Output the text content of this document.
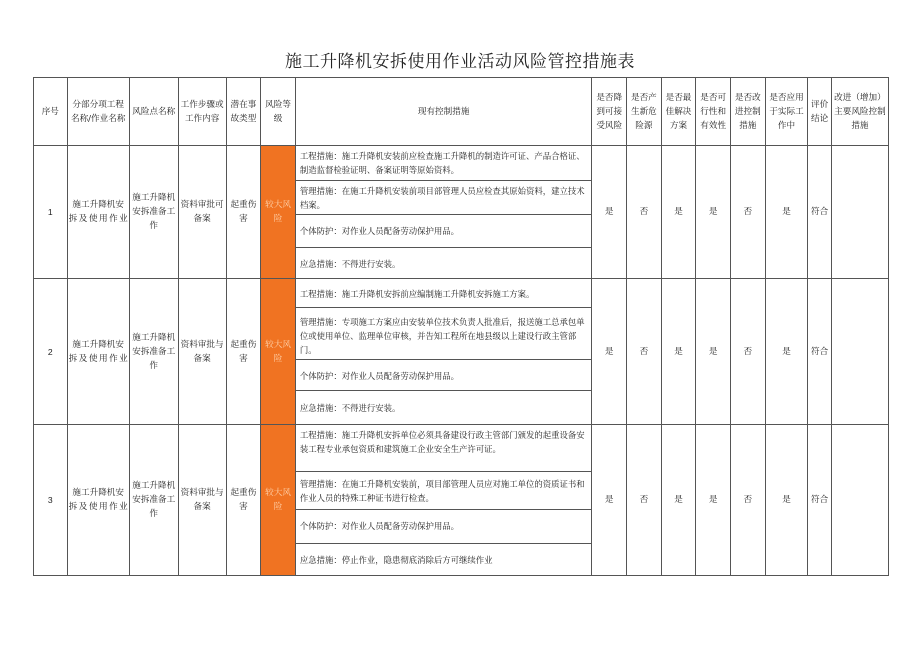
施工升降机安拆使用作业活动风险管控措施表
序号	分部分项工程名称/作业名称	风险点名称	工作步骤或工作内容	潜在事故类型	风险等级	现有控制措施	是否降到可接受风险	是否产生新危险源	是否最佳解决方案	是否可行性和有效性	是否改进控制措施	是否应用于实际工作中	评价结论	改进（增加）主要风险控制措施
1	施工升降机安拆及使用作业	施工升降机安拆准备工作	资料审批可备案	起重伤害	较大风险	工程措施：施工升降机安装前应检查施工升降机的制造许可证、产品合格证、制造监督检验证明、备案证明等原始资料。
管理措施：在施工升降机安装前项目部管理人员应检查其原始资料，建立技术档案。
个体防护：对作业人员配备劳动保护用品。
应急措施：不得进行安装。	是	否	是	是	否	是	符合	
2	施工升降机安拆及使用作业	施工升降机安拆准备工作	资料审批与备案	起重伤害	较大风险	工程措施：施工升降机安拆前应编制施工升降机安拆施工方案。
管理措施：专项施工方案应由安装单位技术负责人批准后，报送施工总承包单位或使用单位、监理单位审核，并告知工程所在地县级以上建设行政主管部门。
个体防护：对作业人员配备劳动保护用品。
应急措施：不得进行安装。	是	否	是	是	否	是	符合	
3	施工升降机安拆及使用作业	施工升降机安拆准备工作	资料审批与备案	起重伤害	较大风险	工程措施：施工升降机安拆单位必须具备建设行政主管部门颁发的起重设备安装工程专业承包资质和建筑施工企业安全生产许可证。
管理措施：在施工升降机安装前，项目部管理人员应对施工单位的资质证书和作业人员的特殊工种证书进行检查。
个体防护：对作业人员配备劳动保护用品。
应急措施：停止作业，隐患彻底消除后方可继续作业	是	否	是	是	否	是	符合	
